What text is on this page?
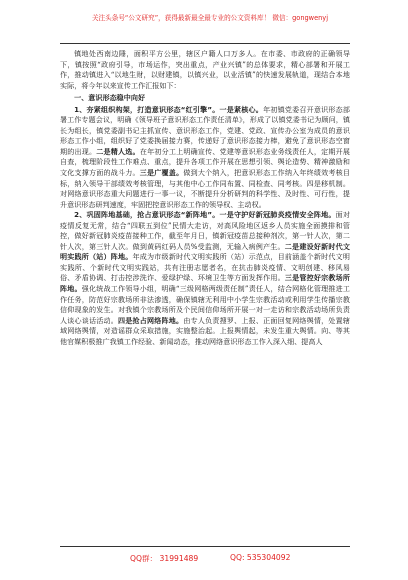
关注头条号“公文研究”，获得最新最全最专业的公文资料库！ 微信：gongwenyj

镇地处西南边陲，面积平方公里，辖区户籍人口万多人。在市委、市政府的正确领导下，镇按照“政府引导，市场运作，突出重点，产业兴镇”的总体要求，精心部署和开展工作，推动镇进入“以地生财，以财建镇，以镇兴业，以业活镇”的快速发展轨道，现结合本地实际，将今年以来宣传工作汇报如下：

一、意识形态稳中向好

1、夯紧组织构架，打造意识形态“红引擎”。一是紧核心。年初镇党委召开意识形态部署工作专题会议，明确《领导班子意识形态工作责任清单》，形成了以镇党委书记为顾问，镇长为组长，镇党委副书记主抓宣传、意识形态工作，党建、党政、宣传办公室为成员的意识形态工作小组，组织好了党委换届接力赛，传递好了意识形态接力棒，避免了意识形态空窗期的出现。二是精人选。在年初分工上明确宣传、党建等意识形态业务线责任人，定期开展自查，梳理阶段性工作难点、重点，提升各项工作开展在思想引领、舆论造势、精神激励和文化支撑方面的战斗力。三是广覆盖。做到大个纳入，把意识形态工作纳入年终绩效考核目标，纳入领导干部绩效考核管理，与其他中心工作同布置、同检查、同考核。四是移机制。对网络意识形态重大问题进行一事一议，不断提升分析研判的科学性、及时性、可行性，提升意识形态研判速度，牢固把控意识形态工作的领导权、主动权。

2、巩固阵地基础，抢占意识形态“新阵地”。一是守护好新冠肺炎疫情安全阵地。面对疫情反复无常，结合“四联五到位”民情大走访，对高风险地区返乡人员实施全面摸排和管控，做好新冠肺炎疫苗接种工作，截至年月日，镇新冠疫苗总接种剂次，第一针人次，第二针人次，第三针人次。做到黄码红码人员%受监测，无输入病例产生。二是建设好新时代文明实践所（站）阵地。年成为市级新时代文明实践所（站）示范点，目前涵盖个新时代文明实践所、个新时代文明实践站，共有注册志愿者名，在抗击肺炎疫情、文明创建、移风易俗、矛盾协调、打击控涉洗诈、爱绿护绿、环境卫生等方面发挥作用。三是管控好宗教场所阵地。强化统战工作领导小组，明确“三级网格两级责任制”责任人，结合网格化管理推进工作任务，防范好宗教场所非法渗透，确保镇辖无利用中小学生宗教活动或利用学生传播宗教信仰现象的发生。对我镇个宗教场所及个民间信仰场所开展一对一走访和宗教活动场所负责人谈心谈话活动。四是抢占网络阵地。由专人负责搜罗、上报、正面回复网络舆情，处置辖域网络舆情，对造谣群众采取措施，实施整治起。上报舆情起，未发生重大舆情。向、等其他官媒积极推广我镇工作经验、新闻动态，推动网络意识形态工作入深入细、提高人

QQ群： 31991489	QQ: 535304092
